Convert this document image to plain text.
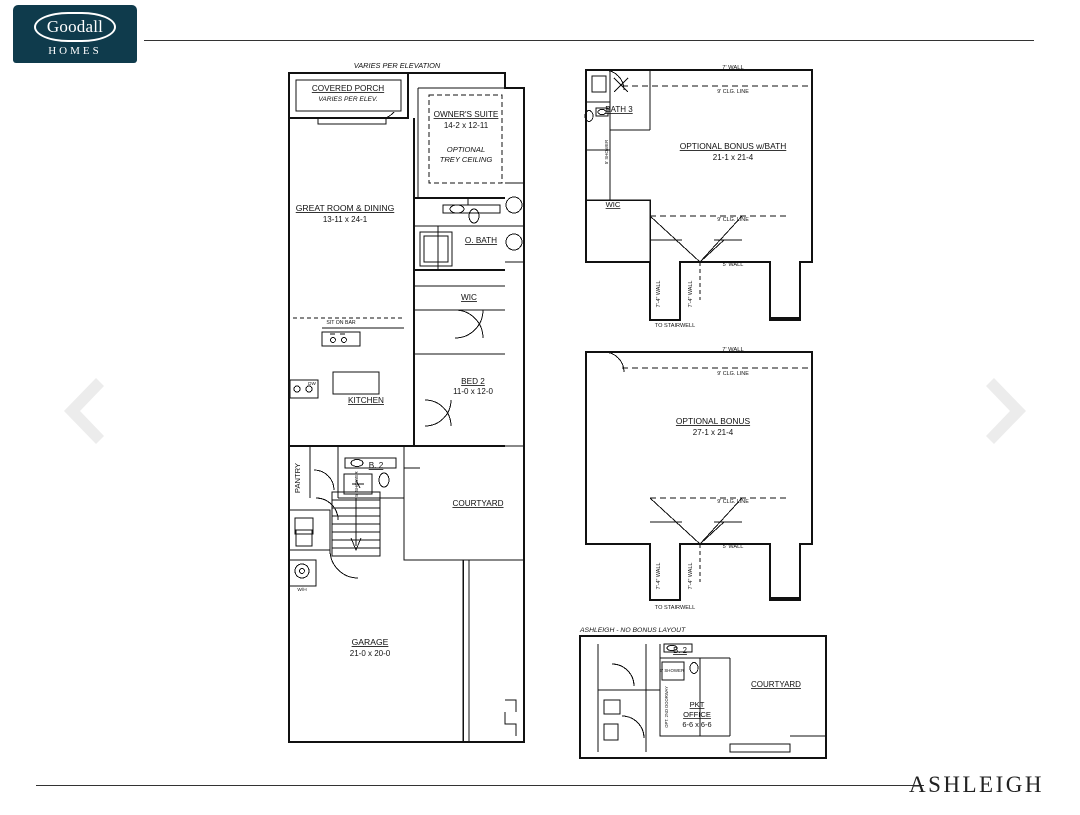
Goodall
HOMES
ASHLEIGH
VARIES PER ELEVATION
COVERED PORCH
VARIES PER ELEV.
GREAT ROOM & DINING
13-11 x 24-1
OWNER'S SUITE
14-2 x 12-11
OPTIONAL
TREY CEILING
O. BATH
WIC
BED 2
11-0 x 12-0
KITCHEN
SIT ON BAR
DW
PANTRY	B. 2
5' SHOWER
COURTYARD
W/H
GARAGE
21-0 x 20-0
7' WALL
9' CLG. LINE
BATH 3
5' SHOWER
WIC
OPTIONAL BONUS w/BATH
21-1 x 21-4
9' CLG. LINE
5' WALL
7'-4" WALL	7'-4" WALL
TO STAIRWELL
7' WALL
9' CLG. LINE
OPTIONAL BONUS
27-1 x 21-4
9' CLG. LINE
5' WALL
7'-4" WALL	7'-4" WALL
TO STAIRWELL
ASHLEIGH - NO BONUS LAYOUT
B. 2
5' SHOWER
COURTYARD
PKT
OFFICE
6-6 x 6-6
OPT. 2ND DOORWAY
